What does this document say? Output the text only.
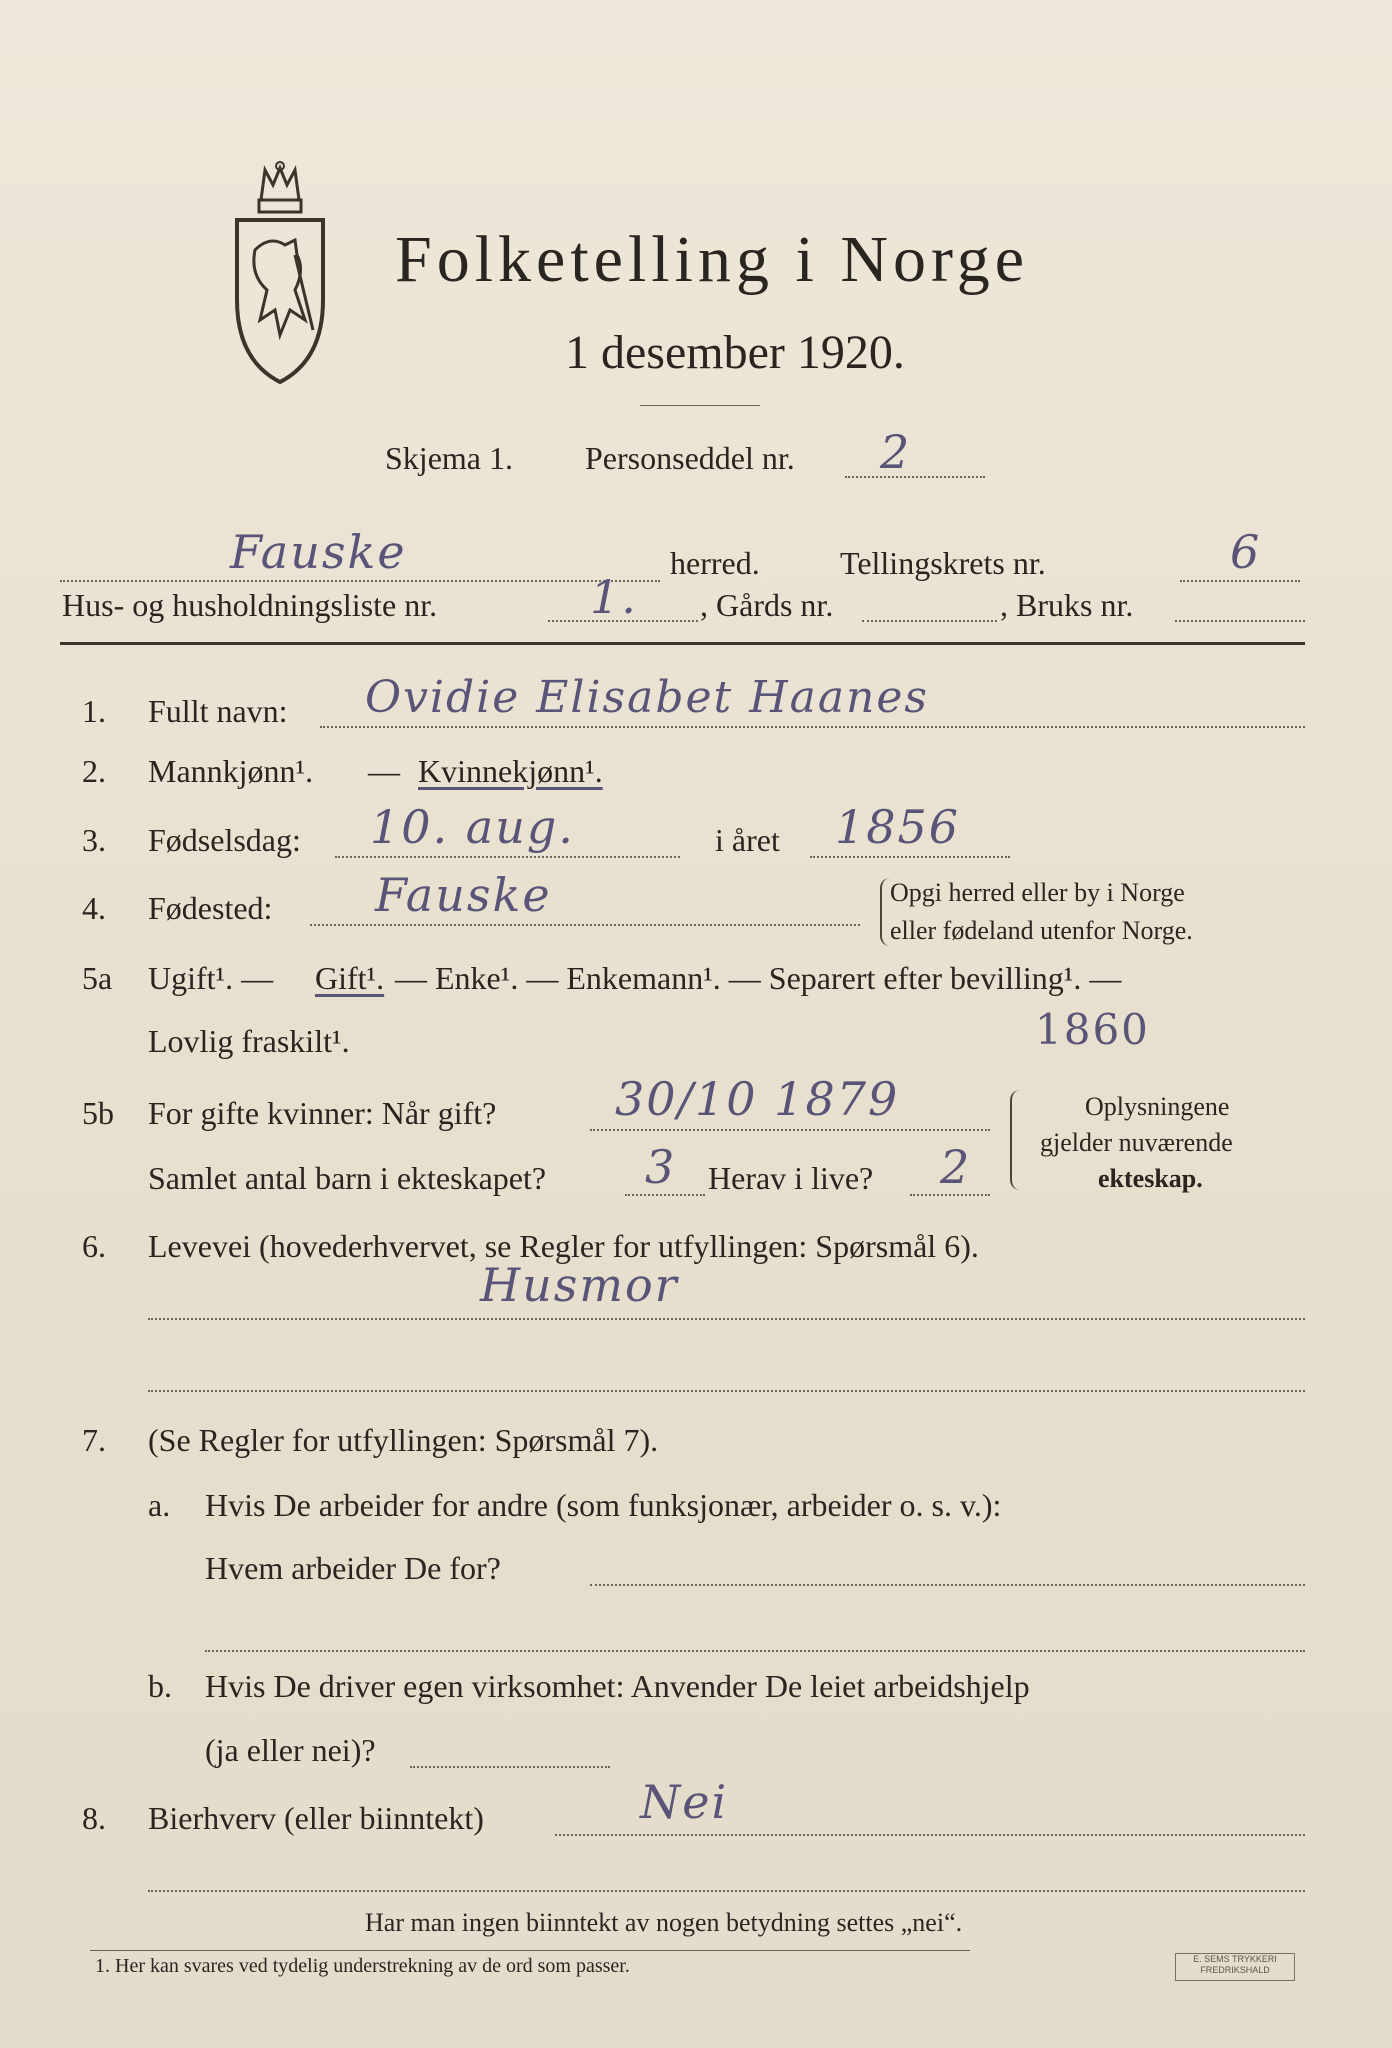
Folketelling i Norge
1 desember 1920.
Skjema 1. Personseddel nr. 2
Fauske	herred.	Tellingskrets nr.	6
Hus- og husholdningsliste nr.	1. , Gårds nr.	, Bruks nr.
1. Fullt navn: Ovidie Elisabet Haanes
2. Mannkjønn¹. — Kvinnekjønn¹.
3. Fødselsdag: 10. aug.	i året 1856
4. Fødested: Fauske	Opgi herred eller by i Norge
eller fødeland utenfor Norge.
5a Ugift¹. — Gift¹. — Enke¹. — Enkemann¹. — Separert efter bevilling¹. —
Lovlig fraskilt¹.	1860
5b For gifte kvinner: Når gift?	30/10 1879
Samlet antal barn i ekteskapet? 3 Herav i live? 2
Oplysningene
gjelder nuværende
ekteskap.
6. Levevei (hovederhvervet, se Regler for utfyllingen: Spørsmål 6).
Husmor
7. (Se Regler for utfyllingen: Spørsmål 7).
a. Hvis De arbeider for andre (som funksjonær, arbeider o. s. v.):
Hvem arbeider De for?
b. Hvis De driver egen virksomhet: Anvender De leiet arbeidshjelp
(ja eller nei)?
8. Bierhverv (eller biinntekt)	Nei
Har man ingen biinntekt av nogen betydning settes „nei“.
1. Her kan svares ved tydelig understrekning av de ord som passer.	E. SEMS TRYKKERI
FREDRIKSHALD
